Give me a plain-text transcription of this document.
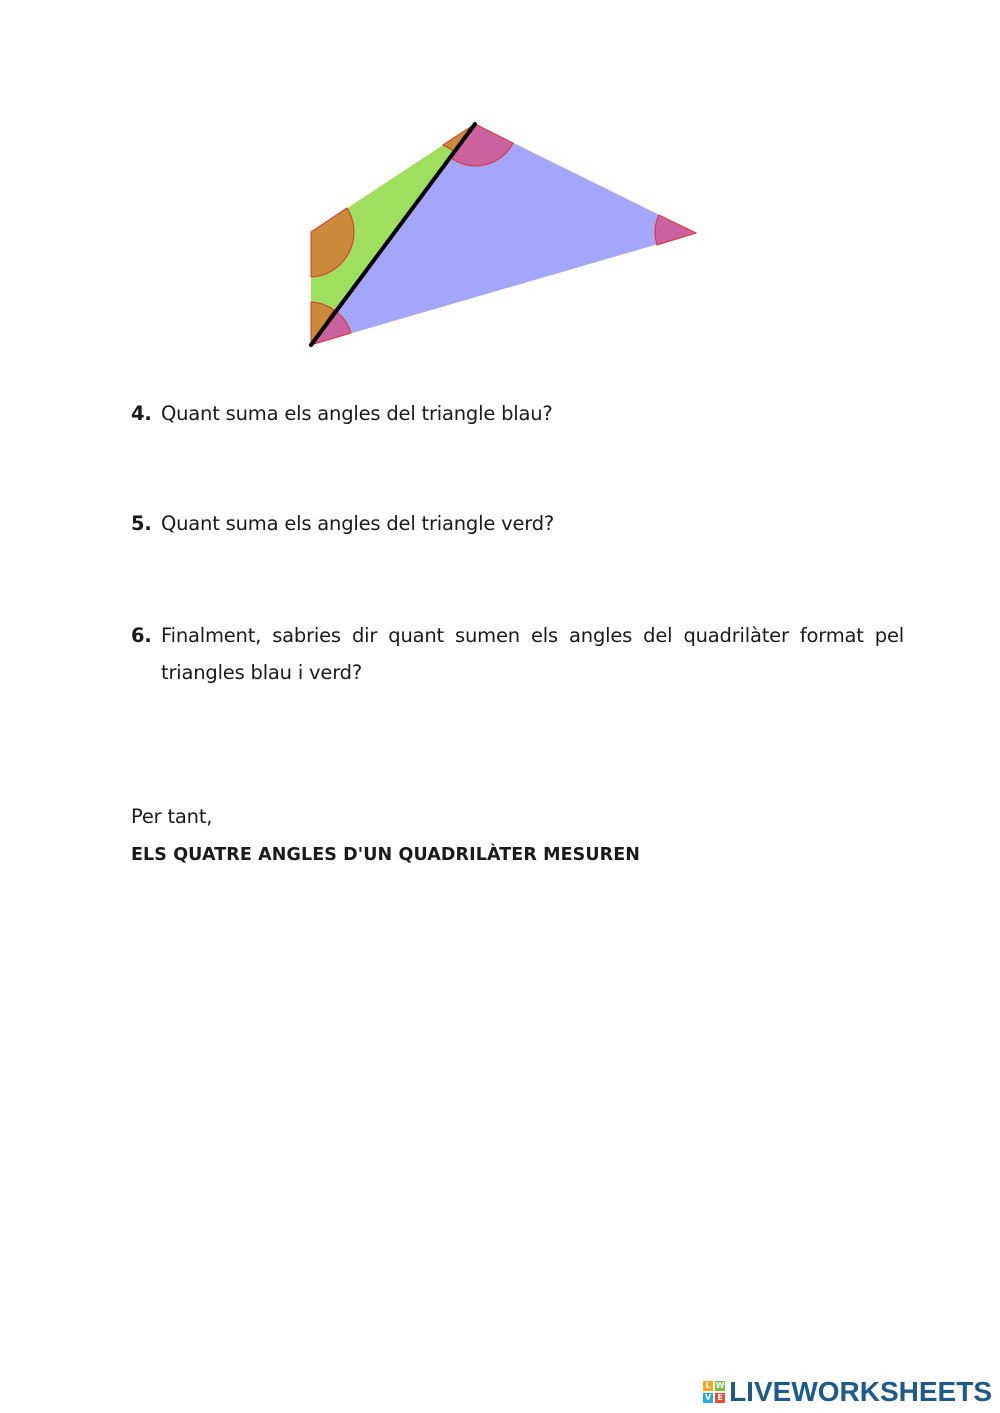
4. Quant suma els angles del triangle blau?
5. Quant suma els angles del triangle verd?
6. Finalment, sabries dir quant sumen els angles del quadrilàter format pel triangles blau i verd?
Per tant,
ELS QUATRE ANGLES D'UN QUADRILÀTER MESUREN
L W
V E LIVEWORKSHEETS
